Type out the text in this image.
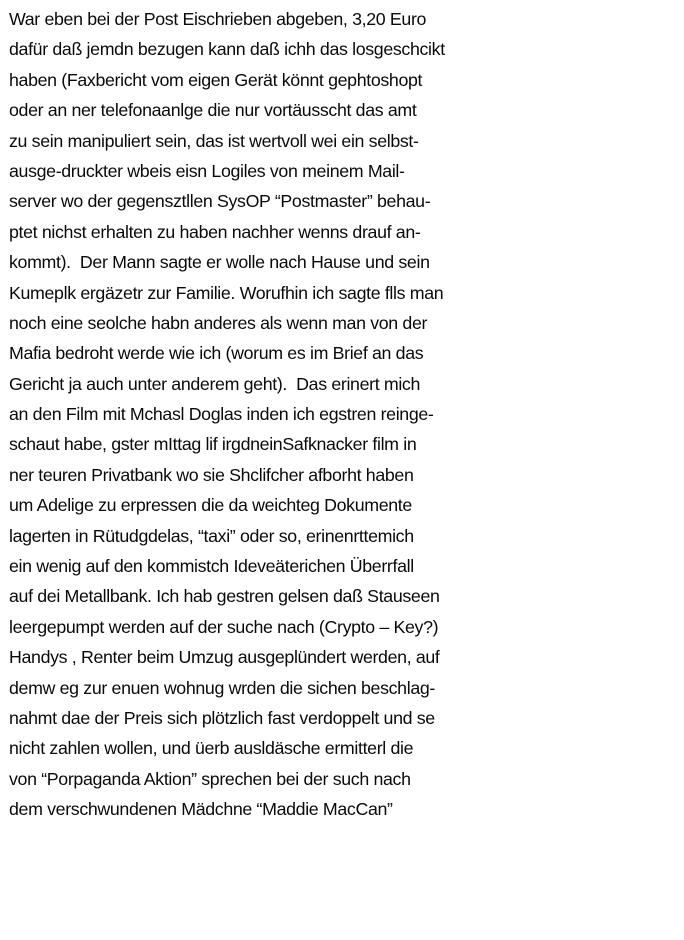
War eben bei der Post Eischrieben abgeben, 3,20 Euro
dafür daß jemdn bezugen kann daß ichh das losgeschcikt
haben (Faxbericht vom eigen Gerät könnt gephtoshopt
oder an ner telefonaanlge die nur vortäusscht das amt
zu sein manipuliert sein, das ist wertvoll wei ein selbst-
ausge-druckter wbeis eisn Logiles von meinem Mail-
server wo der gegensztllen SysOP “Postmaster” behau-
ptet nichst erhalten zu haben nachher wenns drauf an-
kommt).  Der Mann sagte er wolle nach Hause und sein
Kumeplk ergäzetr zur Familie. Worufhin ich sagte flls man
noch eine seolche habn anderes als wenn man von der
Mafia bedroht werde wie ich (worum es im Brief an das
Gericht ja auch unter anderem geht).  Das erinert mich
an den Film mit Mchasl Doglas inden ich egstren reinge-
schaut habe, gster mIttag lif irgdneinSafknacker film in
ner teuren Privatbank wo sie Shclifcher afborht haben
um Adelige zu erpressen die da weichteg Dokumente
lagerten in Rütudgdelas, “taxi” oder so, erinenrttemich
ein wenig auf den kommistch Ideveäterichen Überrfall
auf dei Metallbank. Ich hab gestren gelsen daß Stauseen
leergepumpt werden auf der suche nach (Crypto – Key?)
Handys , Renter beim Umzug ausgeplündert werden, auf
demw eg zur enuen wohnug wrden die sichen beschlag-
nahmt dae der Preis sich plötzlich fast verdoppelt und se
nicht zahlen wollen, und üerb ausldäsche ermitterl die
von “Porpaganda Aktion” sprechen bei der such nach
dem verschwundenen Mädchne “Maddie MacCan”
